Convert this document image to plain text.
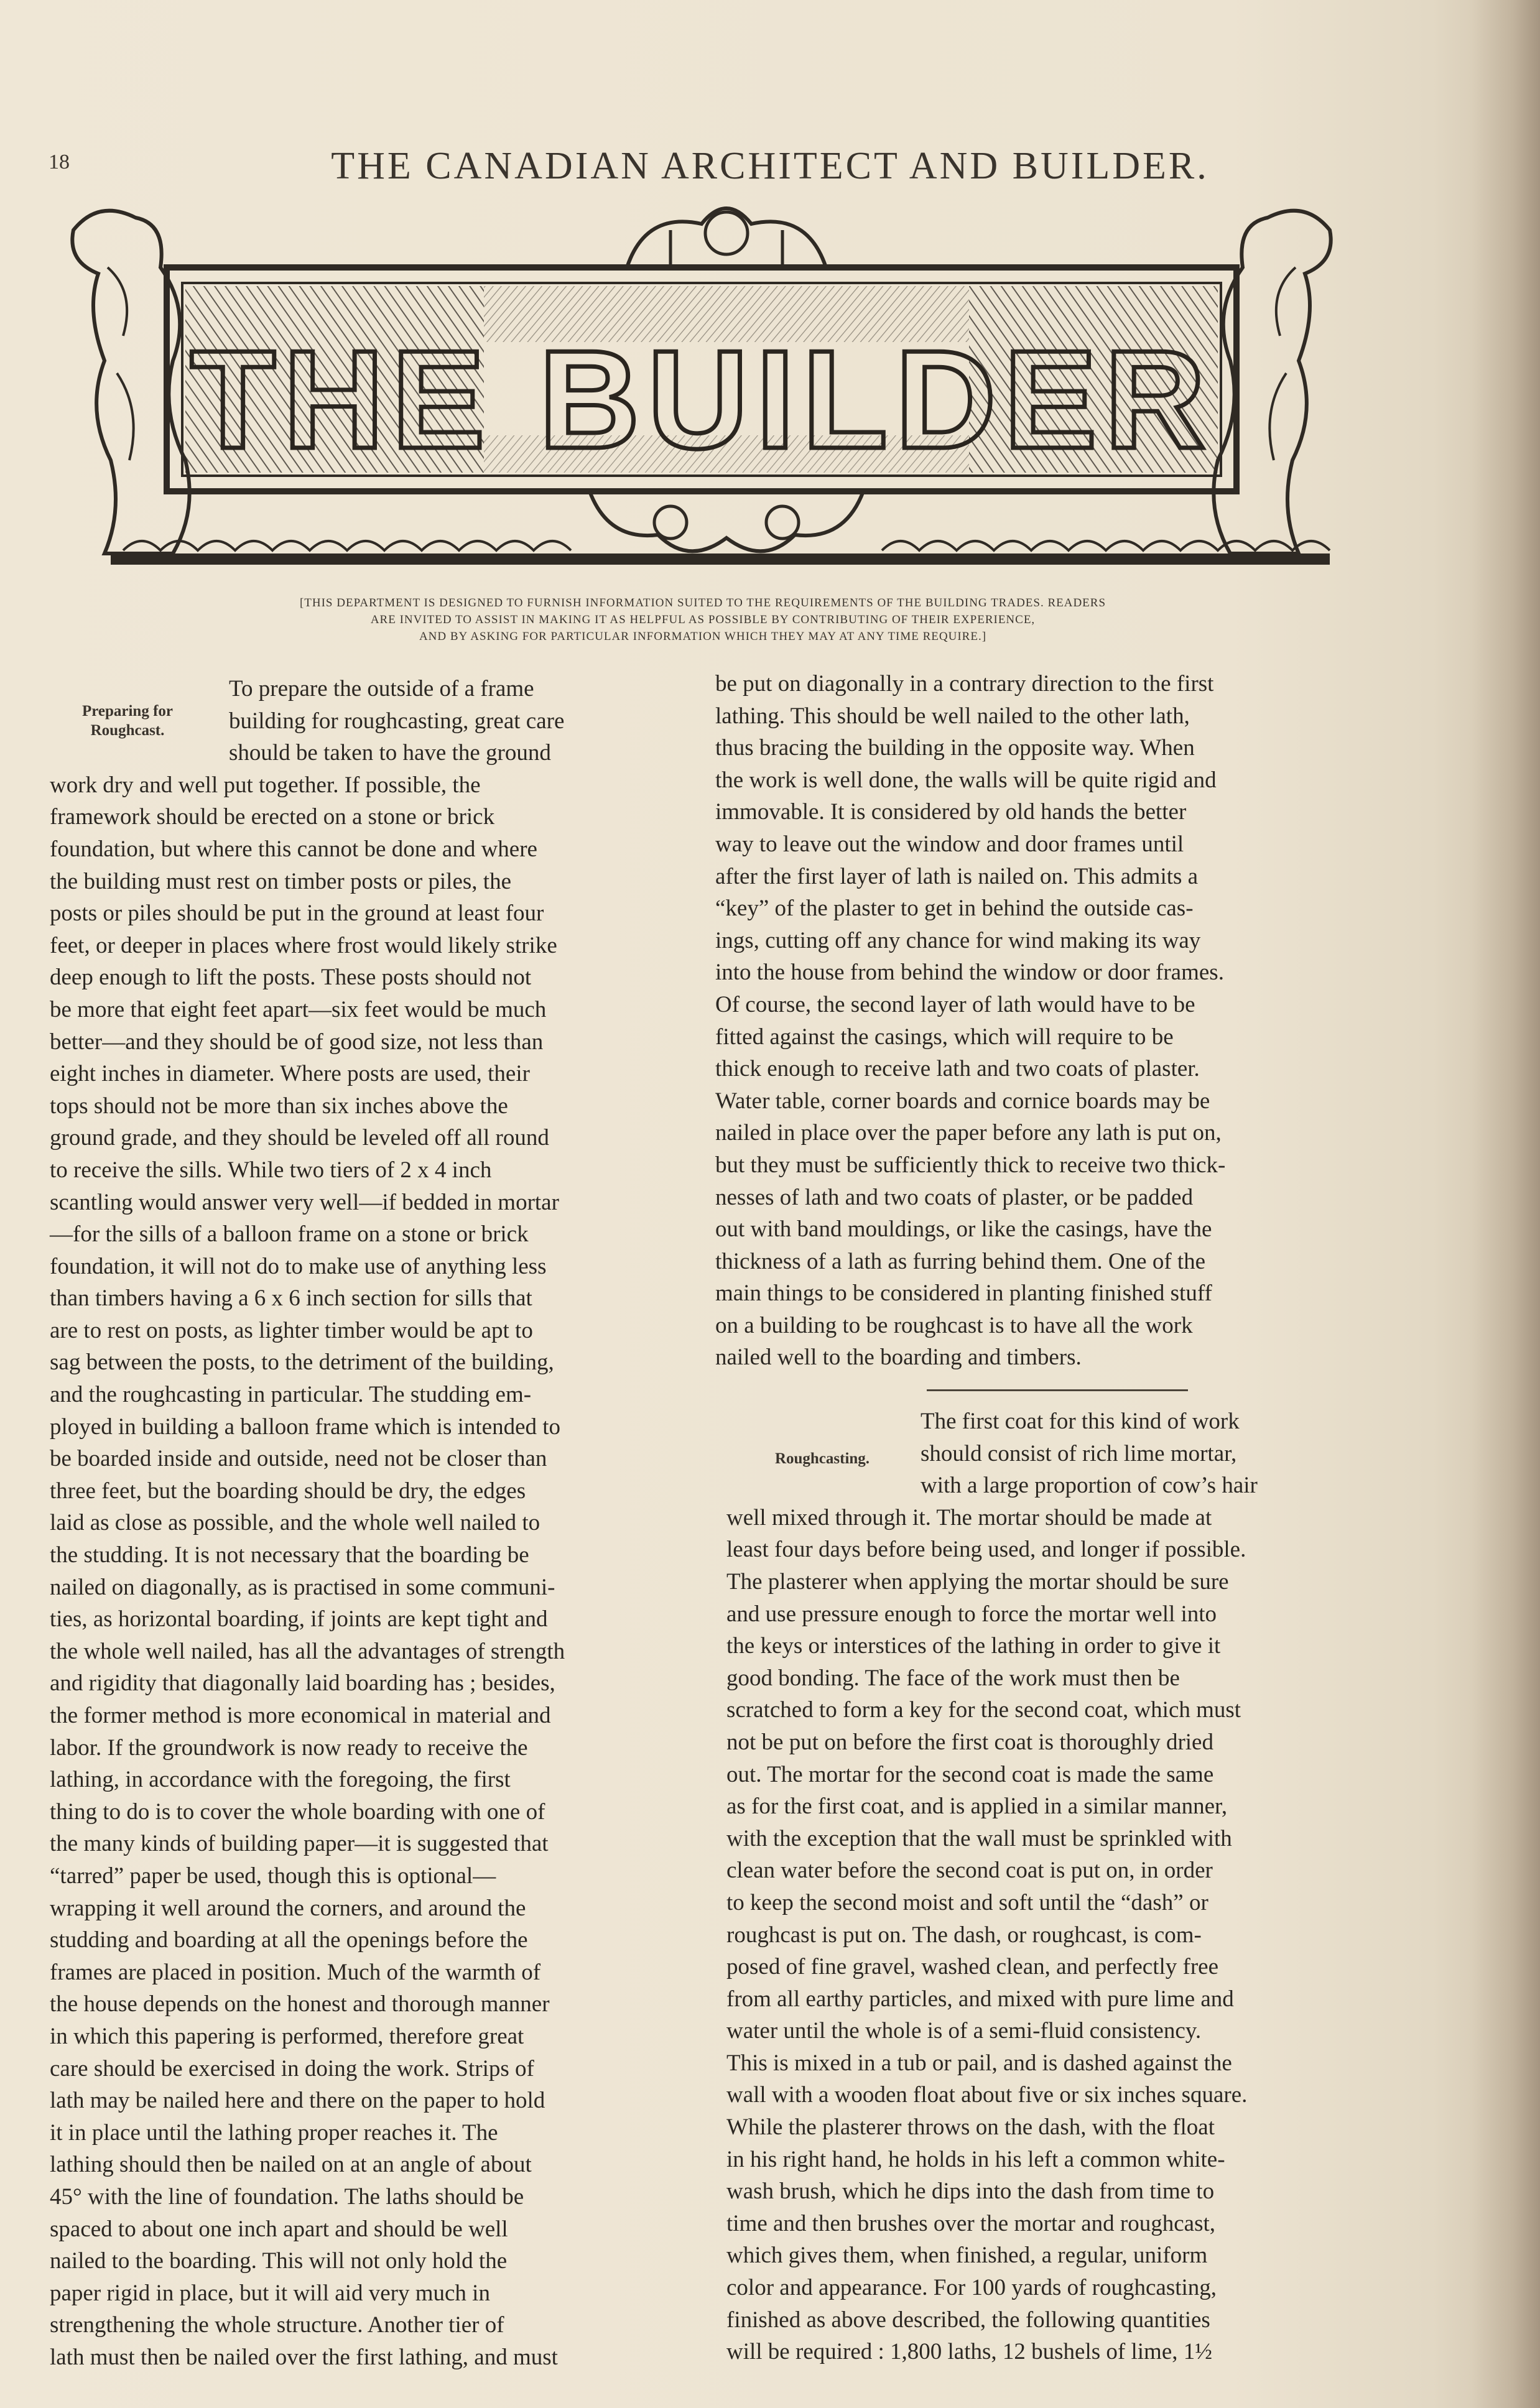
18	THE CANADIAN ARCHITECT AND BUILDER.
THE BUILDER
[THIS DEPARTMENT IS DESIGNED TO FURNISH INFORMATION SUITED TO THE REQUIREMENTS OF THE BUILDING TRADES. READERS
ARE INVITED TO ASSIST IN MAKING IT AS HELPFUL AS POSSIBLE BY CONTRIBUTING OF THEIR EXPERIENCE,
AND BY ASKING FOR PARTICULAR INFORMATION WHICH THEY MAY AT ANY TIME REQUIRE.]
Preparing for
Roughcast.
To prepare the outside of a frame
building for roughcasting, great care
should be taken to have the ground
work dry and well put together. If possible, the
framework should be erected on a stone or brick
foundation, but where this cannot be done and where
the building must rest on timber posts or piles, the
posts or piles should be put in the ground at least four
feet, or deeper in places where frost would likely strike
deep enough to lift the posts. These posts should not
be more that eight feet apart—six feet would be much
better—and they should be of good size, not less than
eight inches in diameter. Where posts are used, their
tops should not be more than six inches above the
ground grade, and they should be leveled off all round
to receive the sills. While two tiers of 2 x 4 inch
scantling would answer very well—if bedded in mortar
—for the sills of a balloon frame on a stone or brick
foundation, it will not do to make use of anything less
than timbers having a 6 x 6 inch section for sills that
are to rest on posts, as lighter timber would be apt to
sag between the posts, to the detriment of the building,
and the roughcasting in particular. The studding em-
ployed in building a balloon frame which is intended to
be boarded inside and outside, need not be closer than
three feet, but the boarding should be dry, the edges
laid as close as possible, and the whole well nailed to
the studding. It is not necessary that the boarding be
nailed on diagonally, as is practised in some communi-
ties, as horizontal boarding, if joints are kept tight and
the whole well nailed, has all the advantages of strength
and rigidity that diagonally laid boarding has ; besides,
the former method is more economical in material and
labor. If the groundwork is now ready to receive the
lathing, in accordance with the foregoing, the first
thing to do is to cover the whole boarding with one of
the many kinds of building paper—it is suggested that
“tarred” paper be used, though this is optional—
wrapping it well around the corners, and around the
studding and boarding at all the openings before the
frames are placed in position. Much of the warmth of
the house depends on the honest and thorough manner
in which this papering is performed, therefore great
care should be exercised in doing the work. Strips of
lath may be nailed here and there on the paper to hold
it in place until the lathing proper reaches it. The
lathing should then be nailed on at an angle of about
45° with the line of foundation. The laths should be
spaced to about one inch apart and should be well
nailed to the boarding. This will not only hold the
paper rigid in place, but it will aid very much in
strengthening the whole structure. Another tier of
lath must then be nailed over the first lathing, and must
be put on diagonally in a contrary direction to the first
lathing. This should be well nailed to the other lath,
thus bracing the building in the opposite way. When
the work is well done, the walls will be quite rigid and
immovable. It is considered by old hands the better
way to leave out the window and door frames until
after the first layer of lath is nailed on. This admits a
“key” of the plaster to get in behind the outside cas-
ings, cutting off any chance for wind making its way
into the house from behind the window or door frames.
Of course, the second layer of lath would have to be
fitted against the casings, which will require to be
thick enough to receive lath and two coats of plaster.
Water table, corner boards and cornice boards may be
nailed in place over the paper before any lath is put on,
but they must be sufficiently thick to receive two thick-
nesses of lath and two coats of plaster, or be padded
out with band mouldings, or like the casings, have the
thickness of a lath as furring behind them. One of the
main things to be considered in planting finished stuff
on a building to be roughcast is to have all the work
nailed well to the boarding and timbers.
Roughcasting.
The first coat for this kind of work
should consist of rich lime mortar,
with a large proportion of cow’s hair
well mixed through it. The mortar should be made at
least four days before being used, and longer if possible.
The plasterer when applying the mortar should be sure
and use pressure enough to force the mortar well into
the keys or interstices of the lathing in order to give it
good bonding. The face of the work must then be
scratched to form a key for the second coat, which must
not be put on before the first coat is thoroughly dried
out. The mortar for the second coat is made the same
as for the first coat, and is applied in a similar manner,
with the exception that the wall must be sprinkled with
clean water before the second coat is put on, in order
to keep the second moist and soft until the “dash” or
roughcast is put on. The dash, or roughcast, is com-
posed of fine gravel, washed clean, and perfectly free
from all earthy particles, and mixed with pure lime and
water until the whole is of a semi-fluid consistency.
This is mixed in a tub or pail, and is dashed against the
wall with a wooden float about five or six inches square.
While the plasterer throws on the dash, with the float
in his right hand, he holds in his left a common white-
wash brush, which he dips into the dash from time to
time and then brushes over the mortar and roughcast,
which gives them, when finished, a regular, uniform
color and appearance. For 100 yards of roughcasting,
finished as above described, the following quantities
will be required : 1,800 laths, 12 bushels of lime, 1½
